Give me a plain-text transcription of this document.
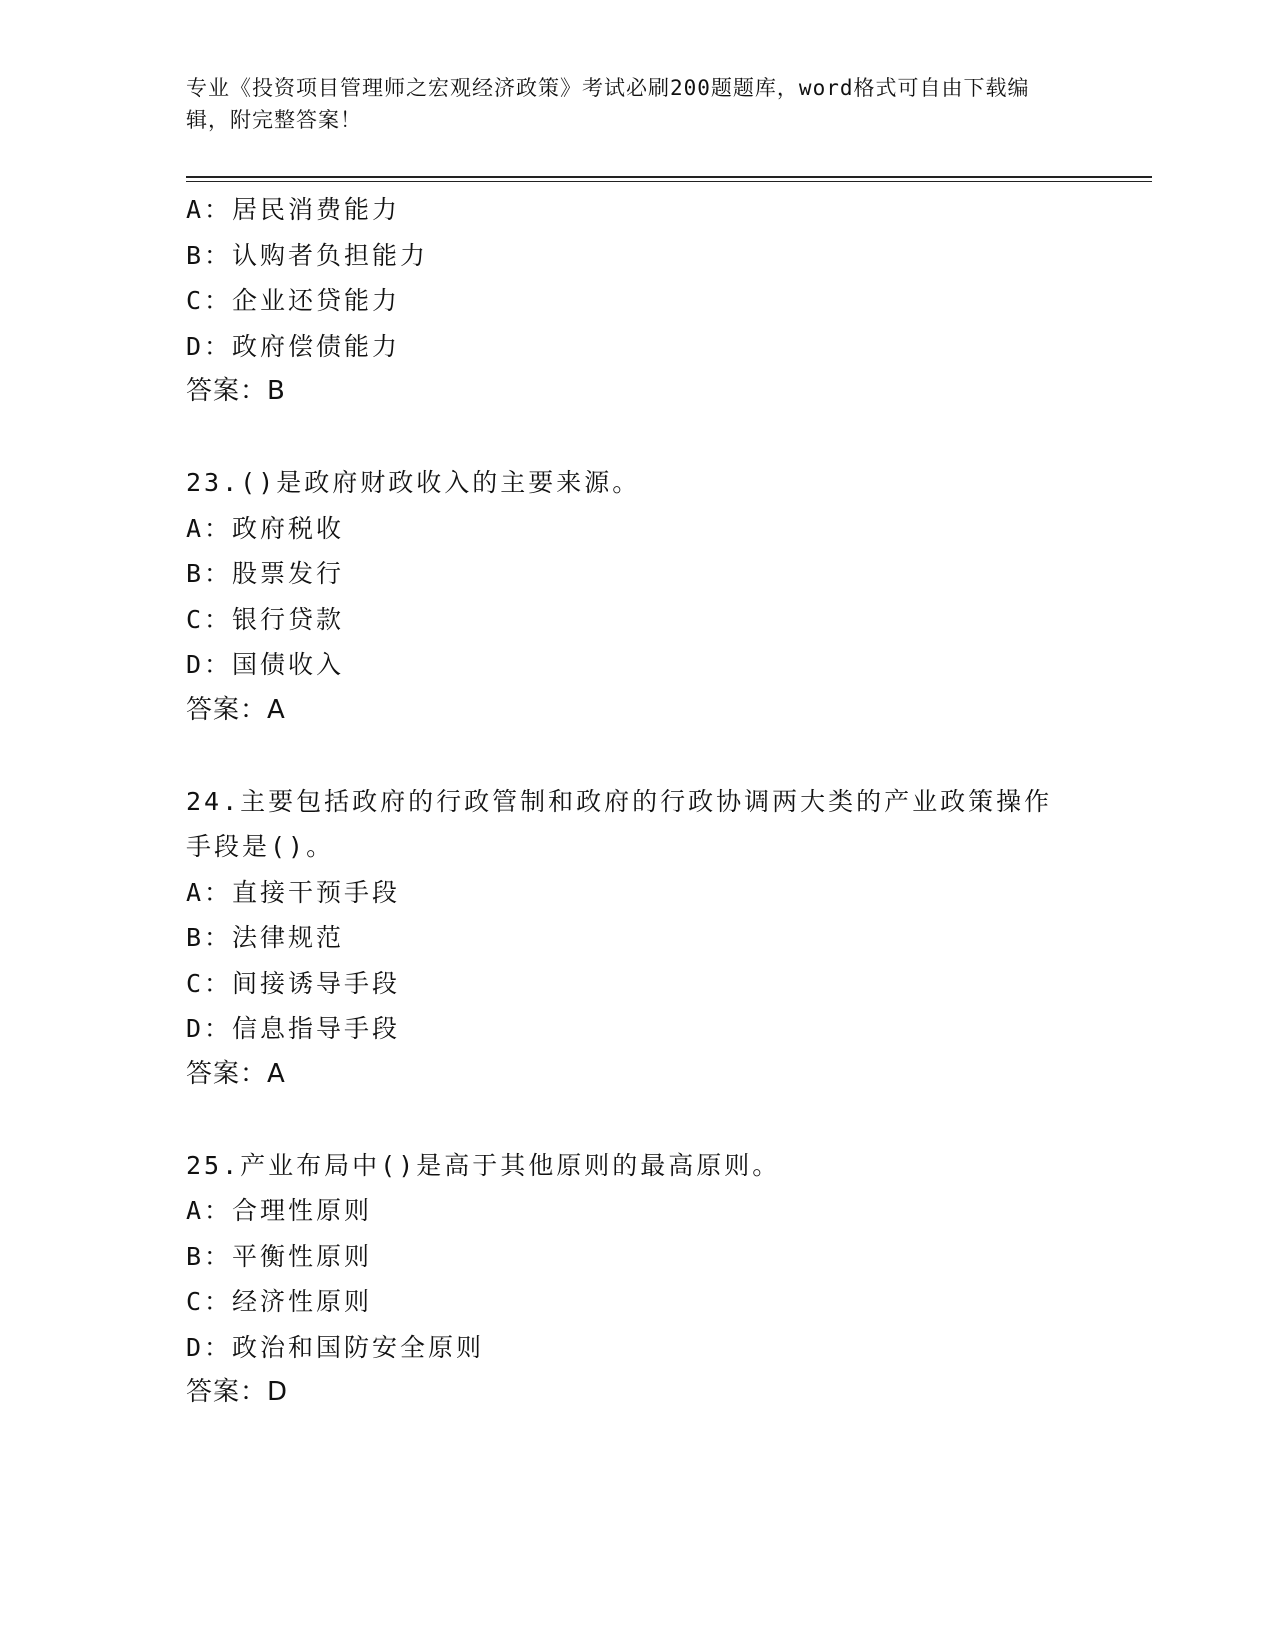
专业《投资项目管理师之宏观经济政策》考试必刷200题题库，word格式可自由下载编辑，附完整答案！
A：居民消费能力
B：认购者负担能力
C：企业还贷能力
D：政府偿债能力
答案：B
23.()是政府财政收入的主要来源。
A：政府税收
B：股票发行
C：银行贷款
D：国债收入
答案：A
24.主要包括政府的行政管制和政府的行政协调两大类的产业政策操作手段是()。
A：直接干预手段
B：法律规范
C：间接诱导手段
D：信息指导手段
答案：A
25.产业布局中()是高于其他原则的最高原则。
A：合理性原则
B：平衡性原则
C：经济性原则
D：政治和国防安全原则
答案：D
